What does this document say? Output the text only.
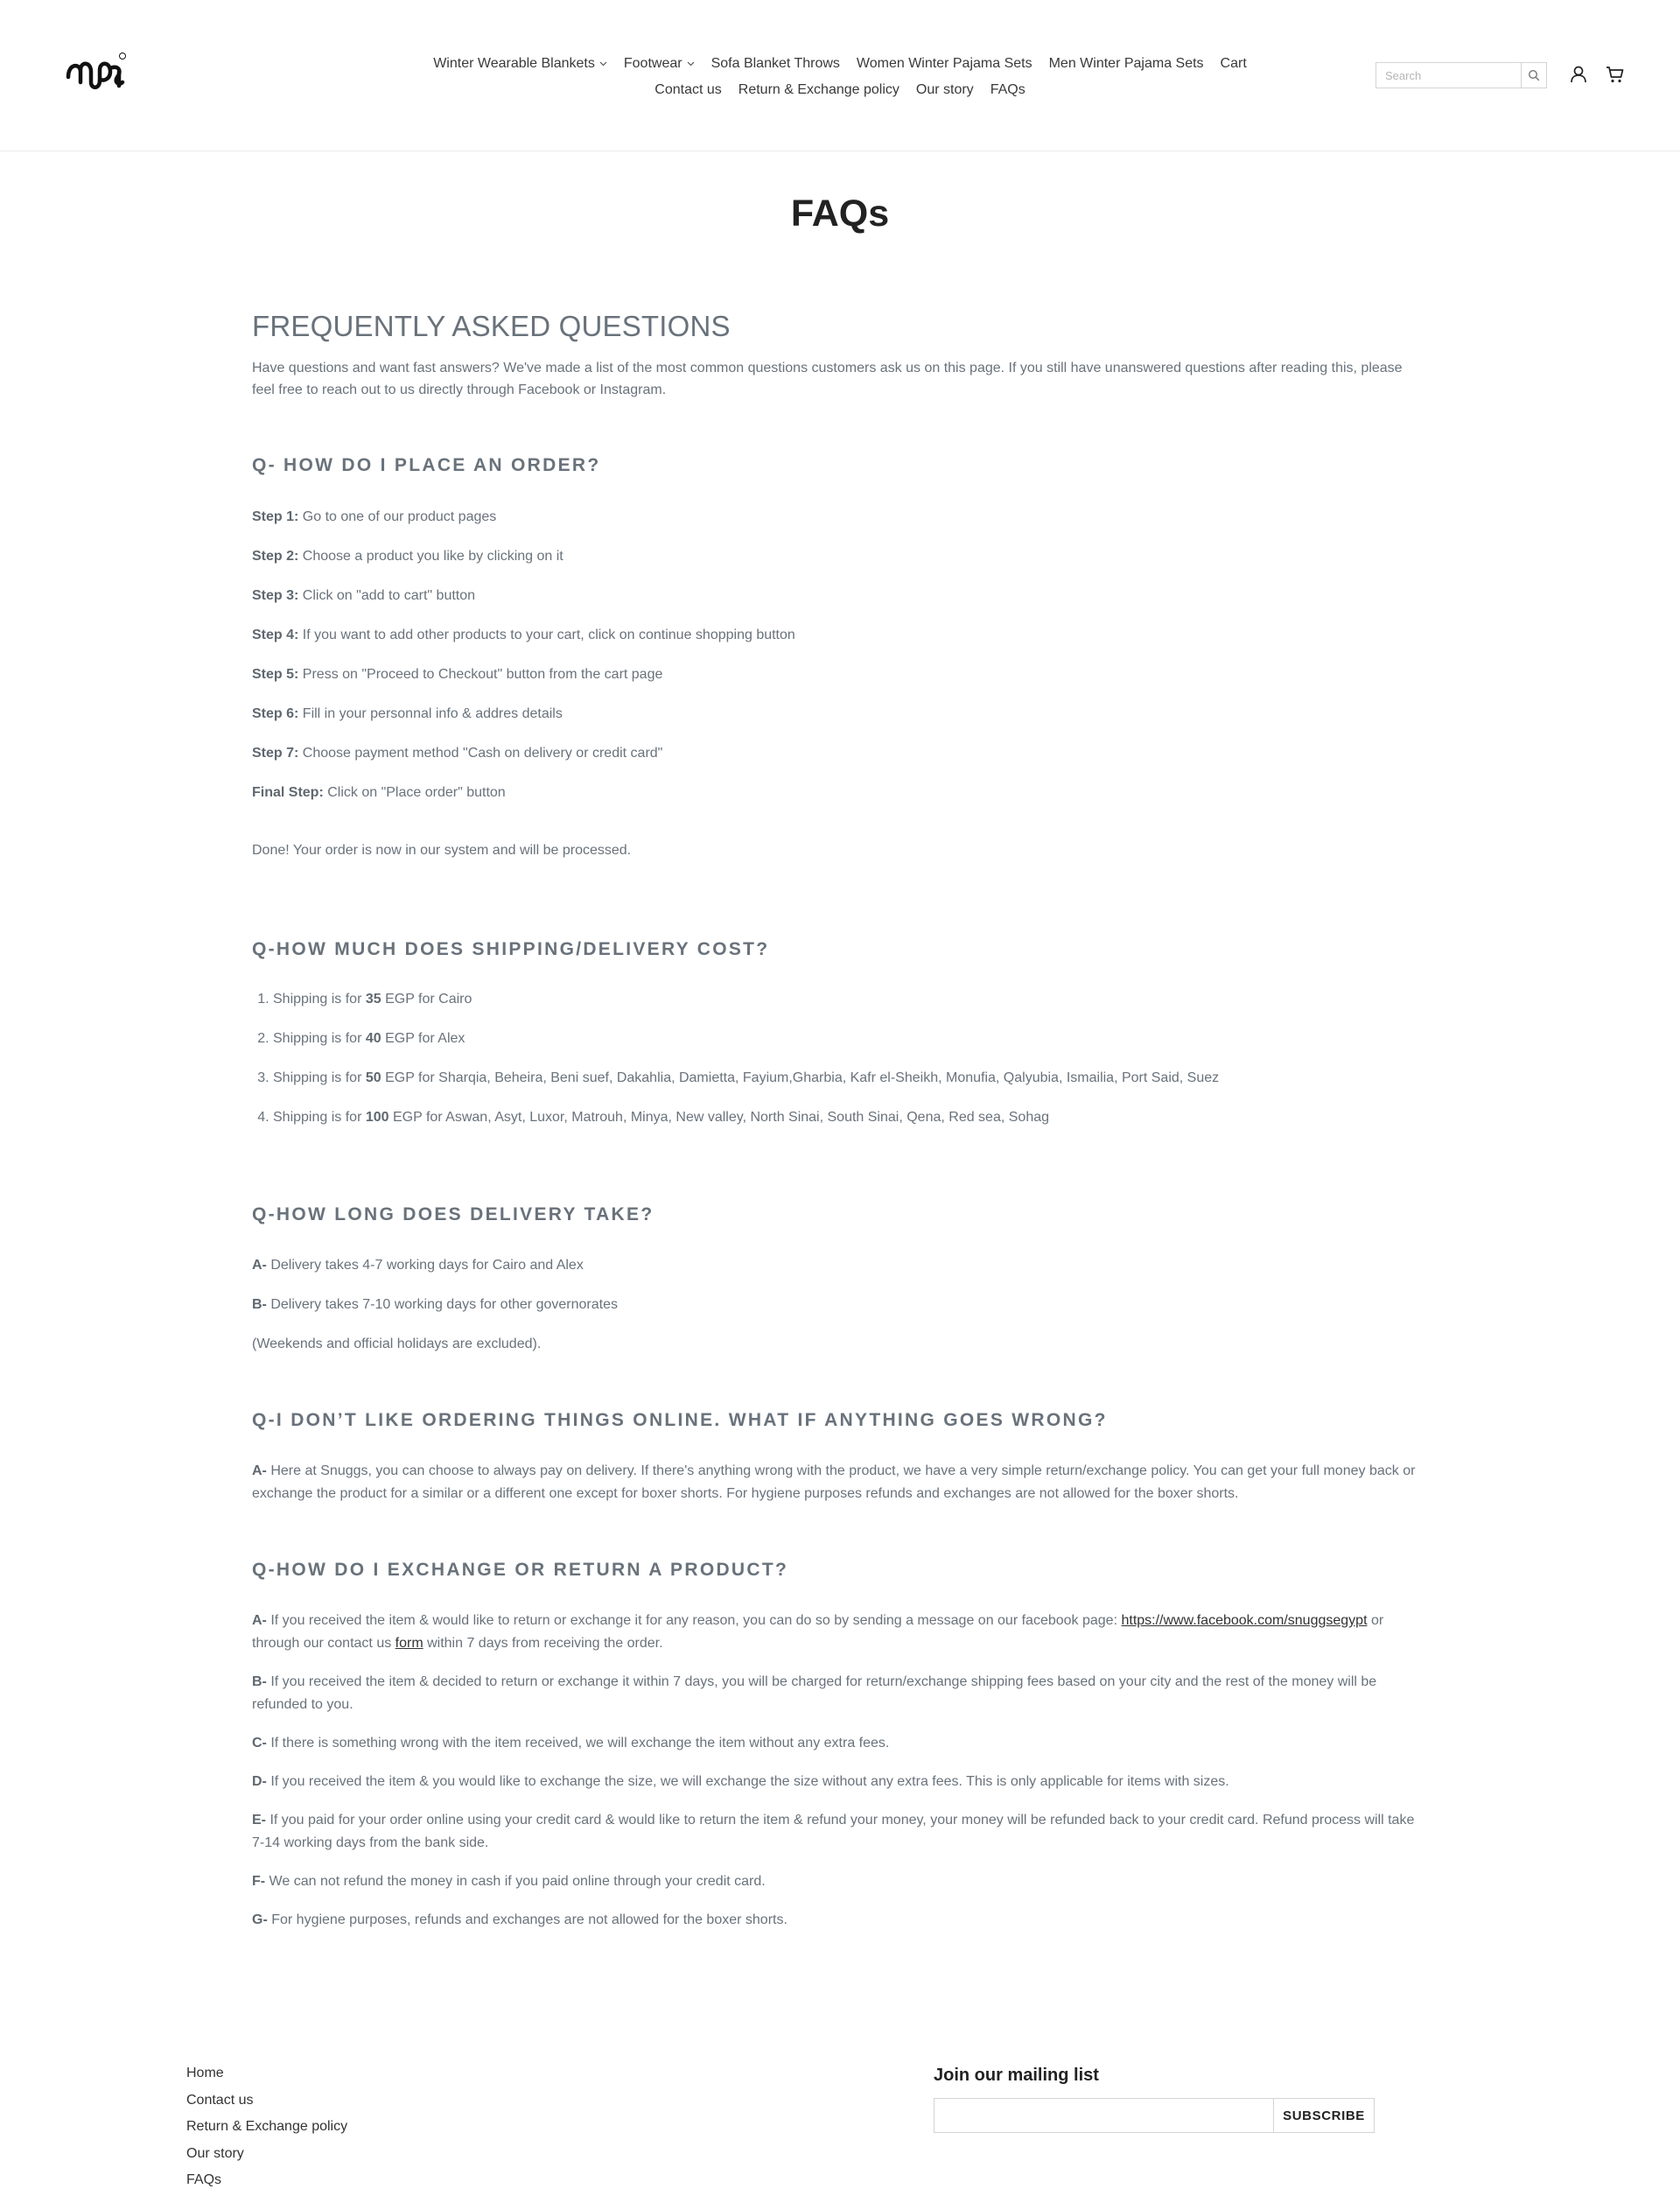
Winter Wearable Blankets Footwear Sofa Blanket Throws Women Winter Pajama Sets Men Winter Pajama Sets Cart
Contact us Return & Exchange policy Our story FAQs
Search
FAQs
FREQUENTLY ASKED QUESTIONS

Have questions and want fast answers? We've made a list of the most common questions customers ask us on this page. If you still have unanswered questions after reading this, please feel free to reach out to us directly through Facebook or Instagram.

Q- HOW DO I PLACE AN ORDER?

Step 1: Go to one of our product pages

Step 2: Choose a product you like by clicking on it

Step 3: Click on "add to cart" button

Step 4: If you want to add other products to your cart, click on continue shopping button

Step 5: Press on "Proceed to Checkout" button from the cart page

Step 6: Fill in your personnal info & addres details

Step 7: Choose payment method "Cash on delivery or credit card"

Final Step: Click on "Place order" button

Done! Your order is now in our system and will be processed.

Q-HOW MUCH DOES SHIPPING/DELIVERY COST?
1. Shipping is for 35 EGP for Cairo
2. Shipping is for 40 EGP for Alex
3. Shipping is for 50 EGP for Sharqia, Beheira, Beni suef, Dakahlia, Damietta, Fayium,Gharbia, Kafr el-Sheikh, Monufia, Qalyubia, Ismailia, Port Said, Suez
4. Shipping is for 100 EGP for Aswan, Asyt, Luxor, Matrouh, Minya, New valley, North Sinai, South Sinai, Qena, Red sea, Sohag
Q-HOW LONG DOES DELIVERY TAKE?

A- Delivery takes 4-7 working days for Cairo and Alex

B- Delivery takes 7-10 working days for other governorates

(Weekends and official holidays are excluded).

Q-I DON’T LIKE ORDERING THINGS ONLINE. WHAT IF ANYTHING GOES WRONG?

A- Here at Snuggs, you can choose to always pay on delivery. If there's anything wrong with the product, we have a very simple return/exchange policy. You can get your full money back or exchange the product for a similar or a different one except for boxer shorts. For hygiene purposes refunds and exchanges are not allowed for the boxer shorts.

Q-HOW DO I EXCHANGE OR RETURN A PRODUCT?

A- If you received the item & would like to return or exchange it for any reason, you can do so by sending a message on our facebook page: https://www.facebook.com/snuggsegypt or through our contact us form within 7 days from receiving the order.

B- If you received the item & decided to return or exchange it within 7 days, you will be charged for return/exchange shipping fees based on your city and the rest of the money will be refunded to you.

C- If there is something wrong with the item received, we will exchange the item without any extra fees.

D- If you received the item & you would like to exchange the size, we will exchange the size without any extra fees. This is only applicable for items with sizes.

E- If you paid for your order online using your credit card & would like to return the item & refund your money, your money will be refunded back to your credit card. Refund process will take 7-14 working days from the bank side.

F- We can not refund the money in cash if you paid online through your credit card.

G- For hygiene purposes, refunds and exchanges are not allowed for the boxer shorts.

Home
Contact us
Return & Exchange policy
Our story
FAQs
Join our mailing list
SUBSCRIBE
